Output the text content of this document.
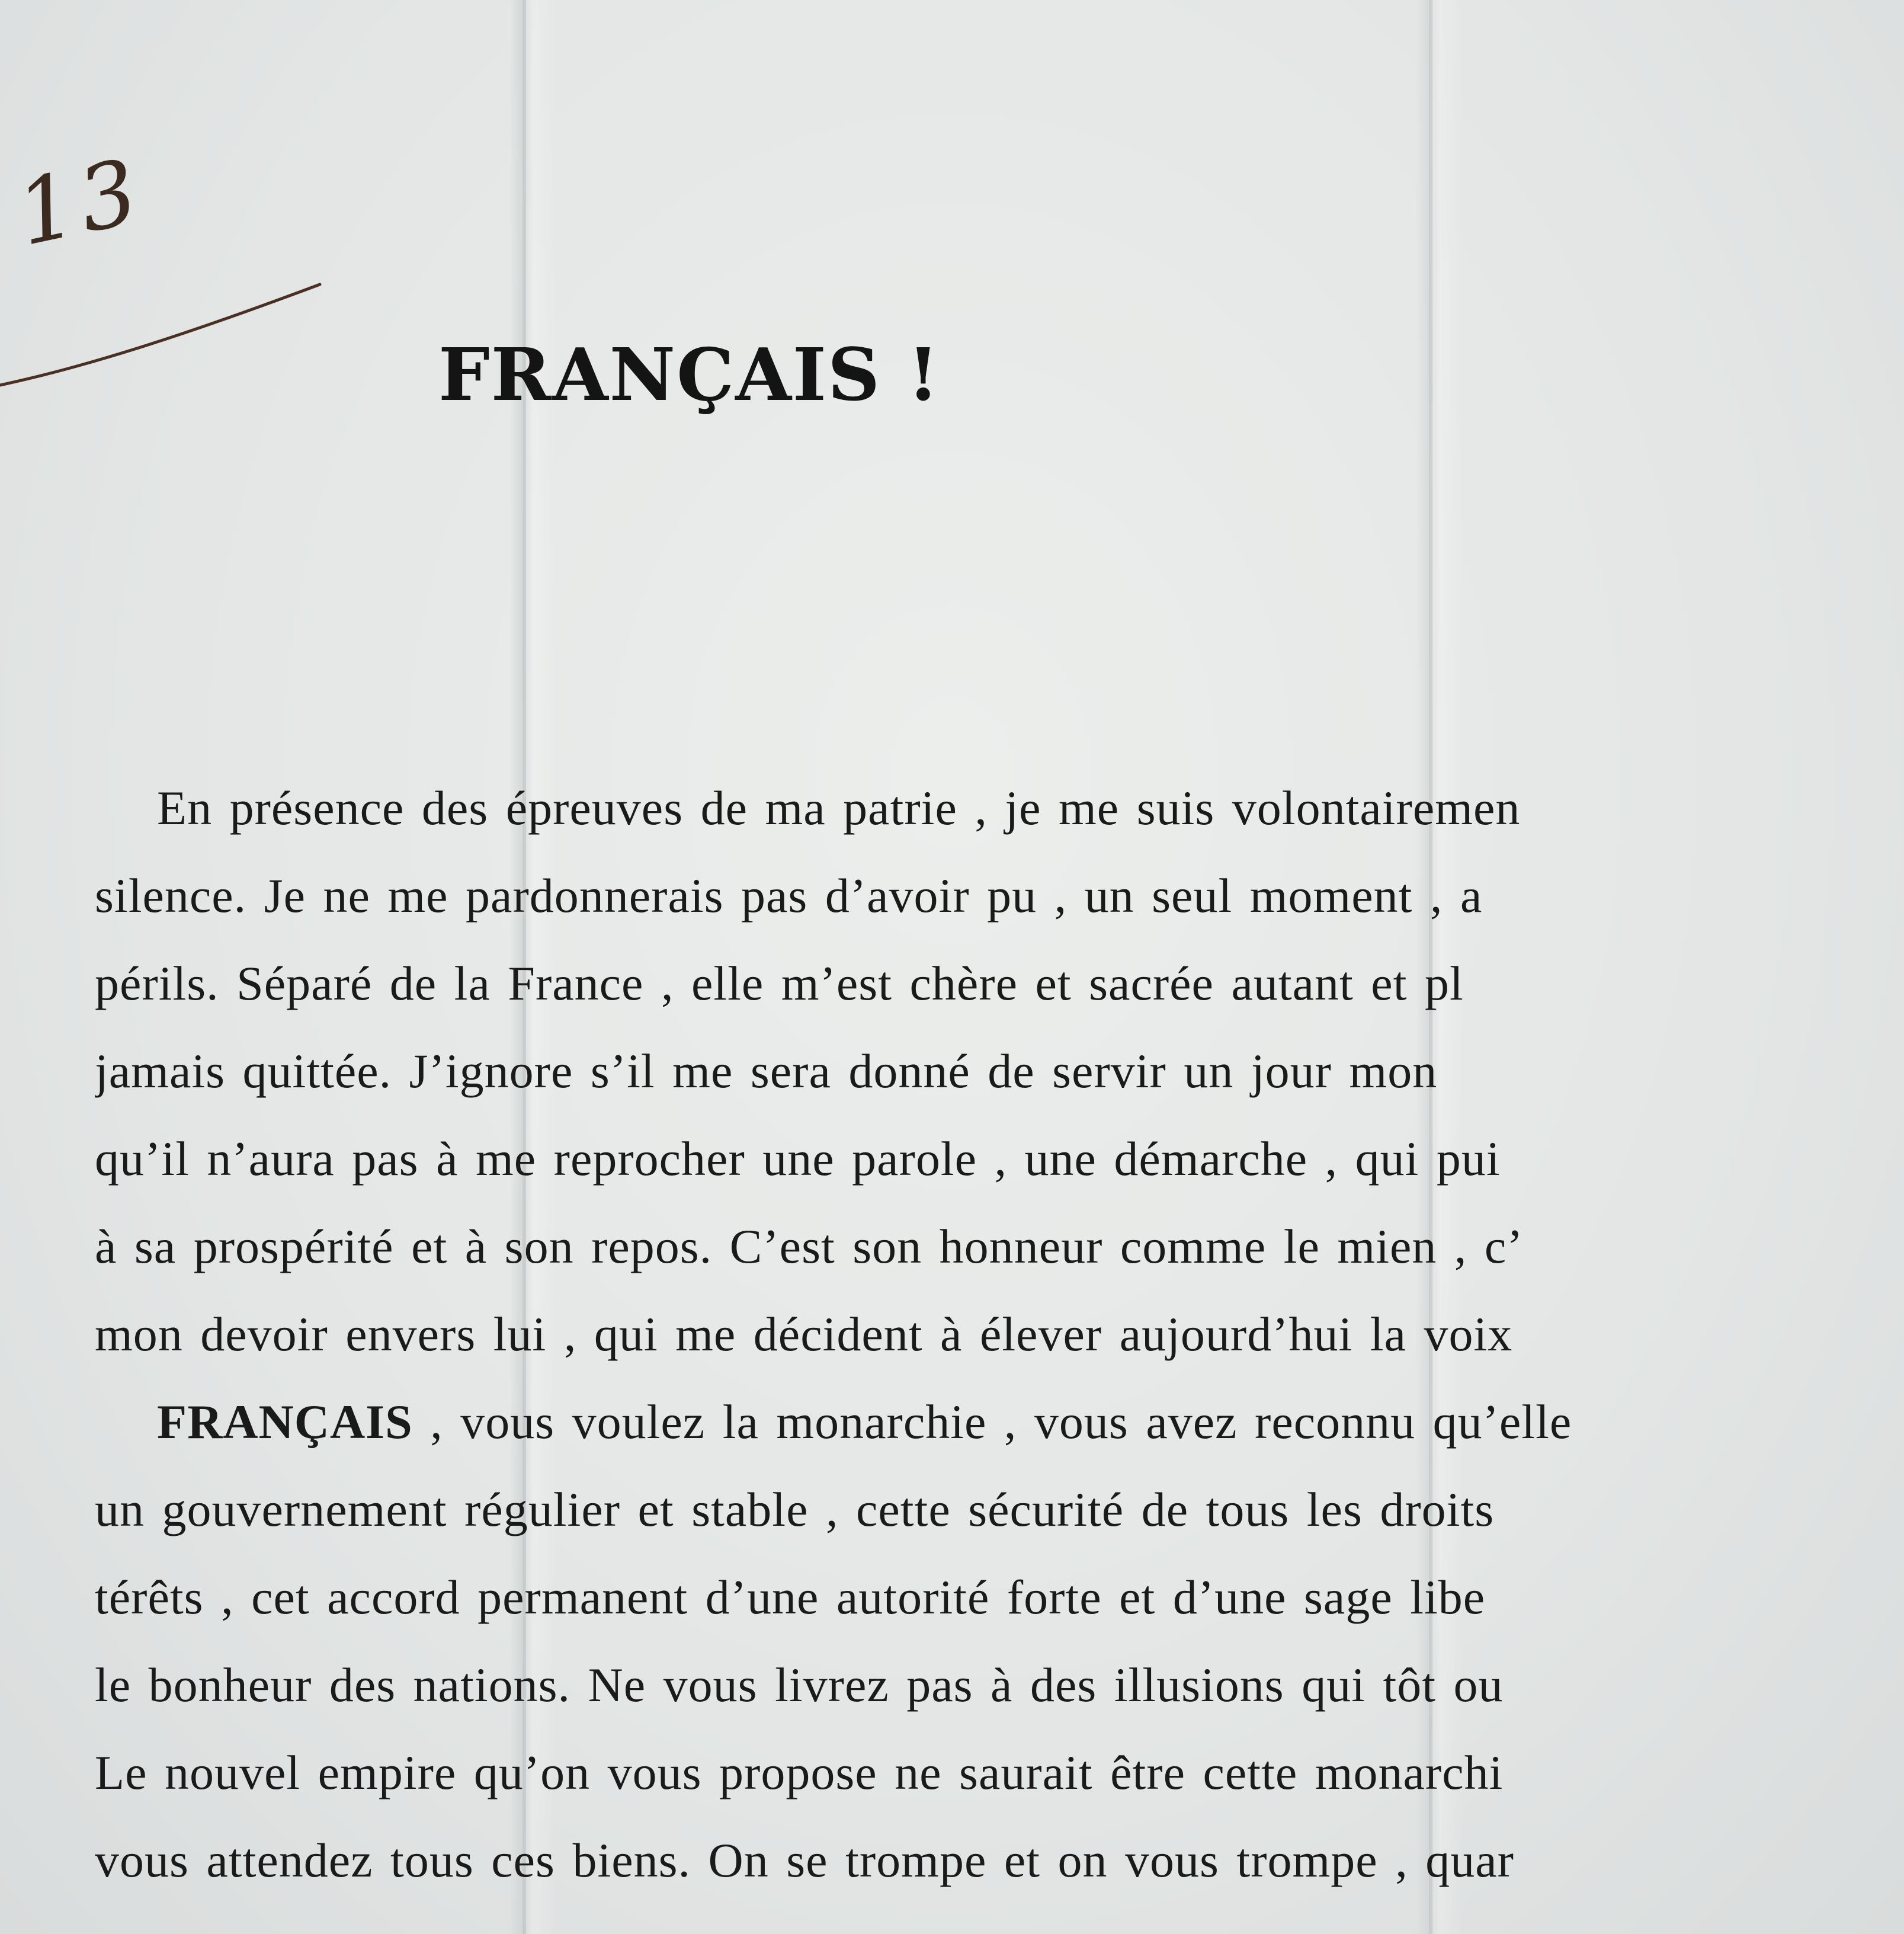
13
FRANÇAIS !
En présence des épreuves de ma patrie , je me suis volontairemen
silence. Je ne me pardonnerais pas d’avoir pu , un seul moment , a
périls. Séparé de la France , elle m’est chère et sacrée autant et pl
jamais quittée. J’ignore s’il me sera donné de servir un jour mon
qu’il n’aura pas à me reprocher une parole , une démarche , qui pui
à sa prospérité et à son repos. C’est son honneur comme le mien , c’
mon devoir envers lui , qui me décident à élever aujourd’hui la voix
FRANÇAIS , vous voulez la monarchie , vous avez reconnu qu’elle
un gouvernement régulier et stable , cette sécurité de tous les droits
térêts , cet accord permanent d’une autorité forte et d’une sage libe
le bonheur des nations. Ne vous livrez pas à des illusions qui tôt ou
Le nouvel empire qu’on vous propose ne saurait être cette monarchi
vous attendez tous ces biens. On se trompe et on vous trompe , quar
